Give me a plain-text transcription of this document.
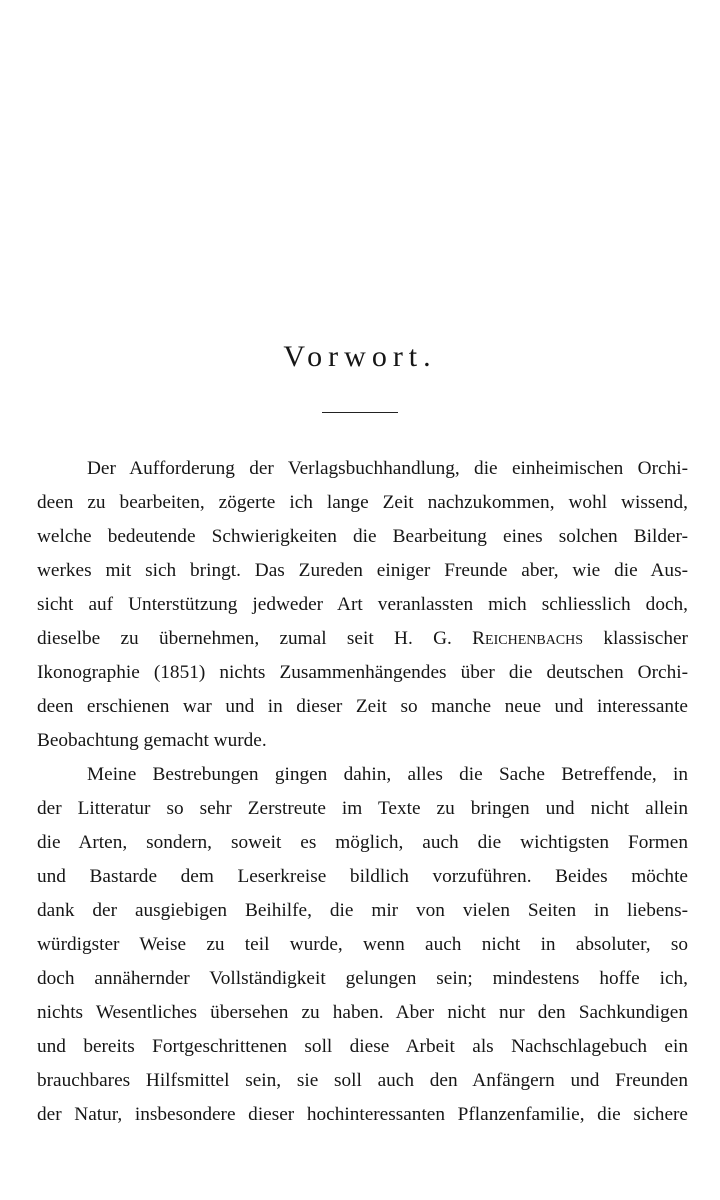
Vorwort.
Der Aufforderung der Verlagsbuchhandlung, die einheimischen Orchi-
deen zu bearbeiten, zögerte ich lange Zeit nachzukommen, wohl wissend,
welche bedeutende Schwierigkeiten die Bearbeitung eines solchen Bilder-
werkes mit sich bringt. Das Zureden einiger Freunde aber, wie die Aus-
sicht auf Unterstützung jedweder Art veranlassten mich schliesslich doch,
dieselbe zu übernehmen, zumal seit H. G. Reichenbachs klassischer
Ikonographie (1851) nichts Zusammenhängendes über die deutschen Orchi-
deen erschienen war und in dieser Zeit so manche neue und interessante
Beobachtung gemacht wurde.
Meine Bestrebungen gingen dahin, alles die Sache Betreffende, in
der Litteratur so sehr Zerstreute im Texte zu bringen und nicht allein
die Arten, sondern, soweit es möglich, auch die wichtigsten Formen
und Bastarde dem Leserkreise bildlich vorzuführen. Beides möchte
dank der ausgiebigen Beihilfe, die mir von vielen Seiten in liebens-
würdigster Weise zu teil wurde, wenn auch nicht in absoluter, so
doch annähernder Vollständigkeit gelungen sein; mindestens hoffe ich,
nichts Wesentliches übersehen zu haben. Aber nicht nur den Sachkundigen
und bereits Fortgeschrittenen soll diese Arbeit als Nachschlagebuch ein
brauchbares Hilfsmittel sein, sie soll auch den Anfängern und Freunden
der Natur, insbesondere dieser hochinteressanten Pflanzenfamilie, die sichere
